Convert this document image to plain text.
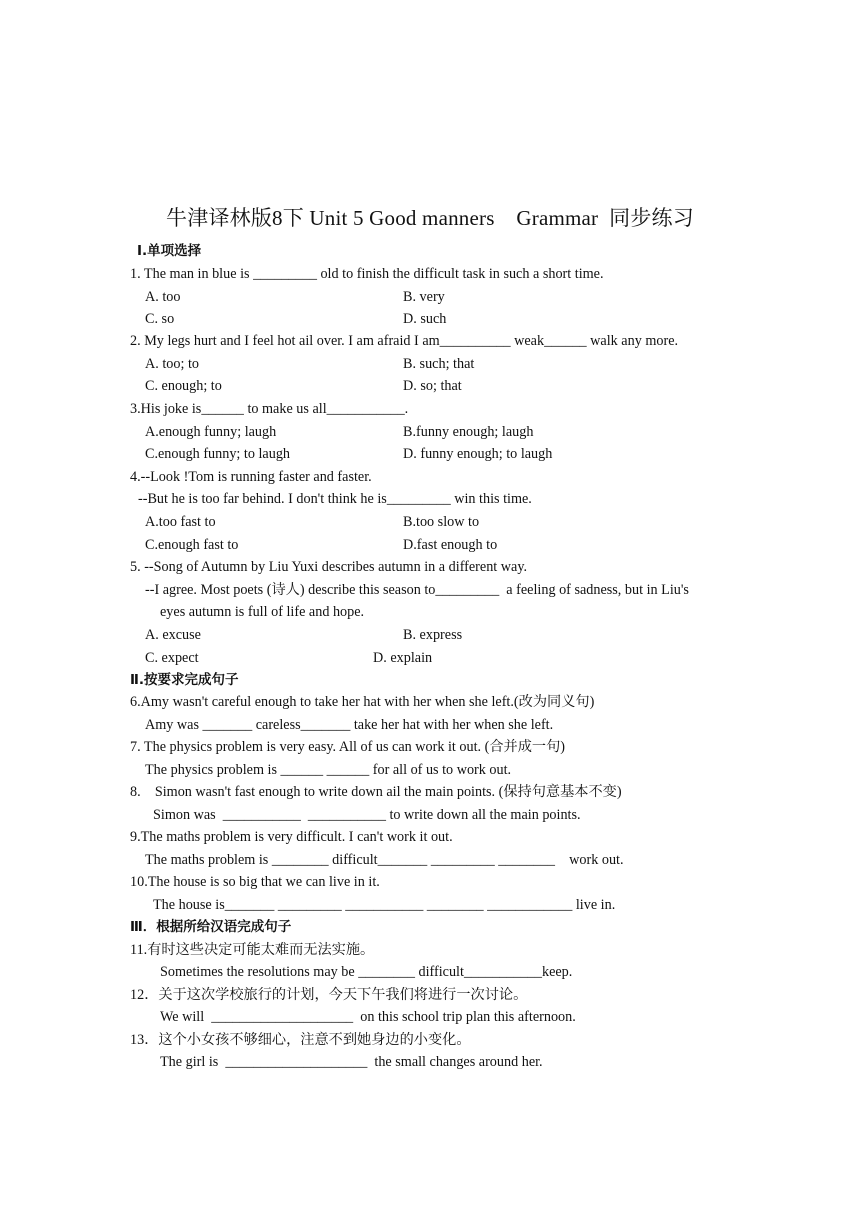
牛津译林版8下 Unit 5 Good manners    Grammar  同步练习
I.单项选择
1. The man in blue is _________ old to finish the difficult task in such a short time.
A. too	B. very
C. so	D. such
2. My legs hurt and I feel hot ail over. I am afraid I am__________ weak______ walk any more.
A. too; to	B. such; that
C. enough; to	D. so; that
3.His joke is______ to make us all___________.
A.enough funny; laugh	B.funny enough; laugh
C.enough funny; to laugh	D. funny enough; to laugh
4.--Look !Tom is running faster and faster.
--But he is too far behind. I don't think he is_________ win this time.
A.too fast to	B.too slow to
C.enough fast to	D.fast enough to
5. --Song of Autumn by Liu Yuxi describes autumn in a different way.
--I agree. Most poets (诗人) describe this season to_________  a feeling of sadness, but in Liu's
eyes autumn is full of life and hope.
A. excuse	B. express
C. expect	D. explain
Ⅱ.按要求完成句子
6.Amy wasn't careful enough to take her hat with her when she left.(改为同义句)
Amy was _______ careless_______ take her hat with her when she left.
7. The physics problem is very easy. All of us can work it out. (合并成一句)
The physics problem is ______ ______ for all of us to work out.
8.    Simon wasn't fast enough to write down ail the main points. (保持句意基本不变)
Simon was  ___________  ___________ to write down all the main points.
9.The maths problem is very difficult. I can't work it out.
The maths problem is ________ difficult_______ _________ ________    work out.
10.The house is so big that we can live in it.
The house is_______ _________ ___________ ________ ____________ live in.
Ⅲ．根据所给汉语完成句子
11.有时这些决定可能太难而无法实施。
Sometimes the resolutions may be ________ difficult___________keep.
12．关于这次学校旅行的计划，今天下午我们将进行一次讨论。
We will  ____________________  on this school trip plan this afternoon.
13．这个小女孩不够细心，注意不到她身边的小变化。
The girl is  ____________________  the small changes around her.
